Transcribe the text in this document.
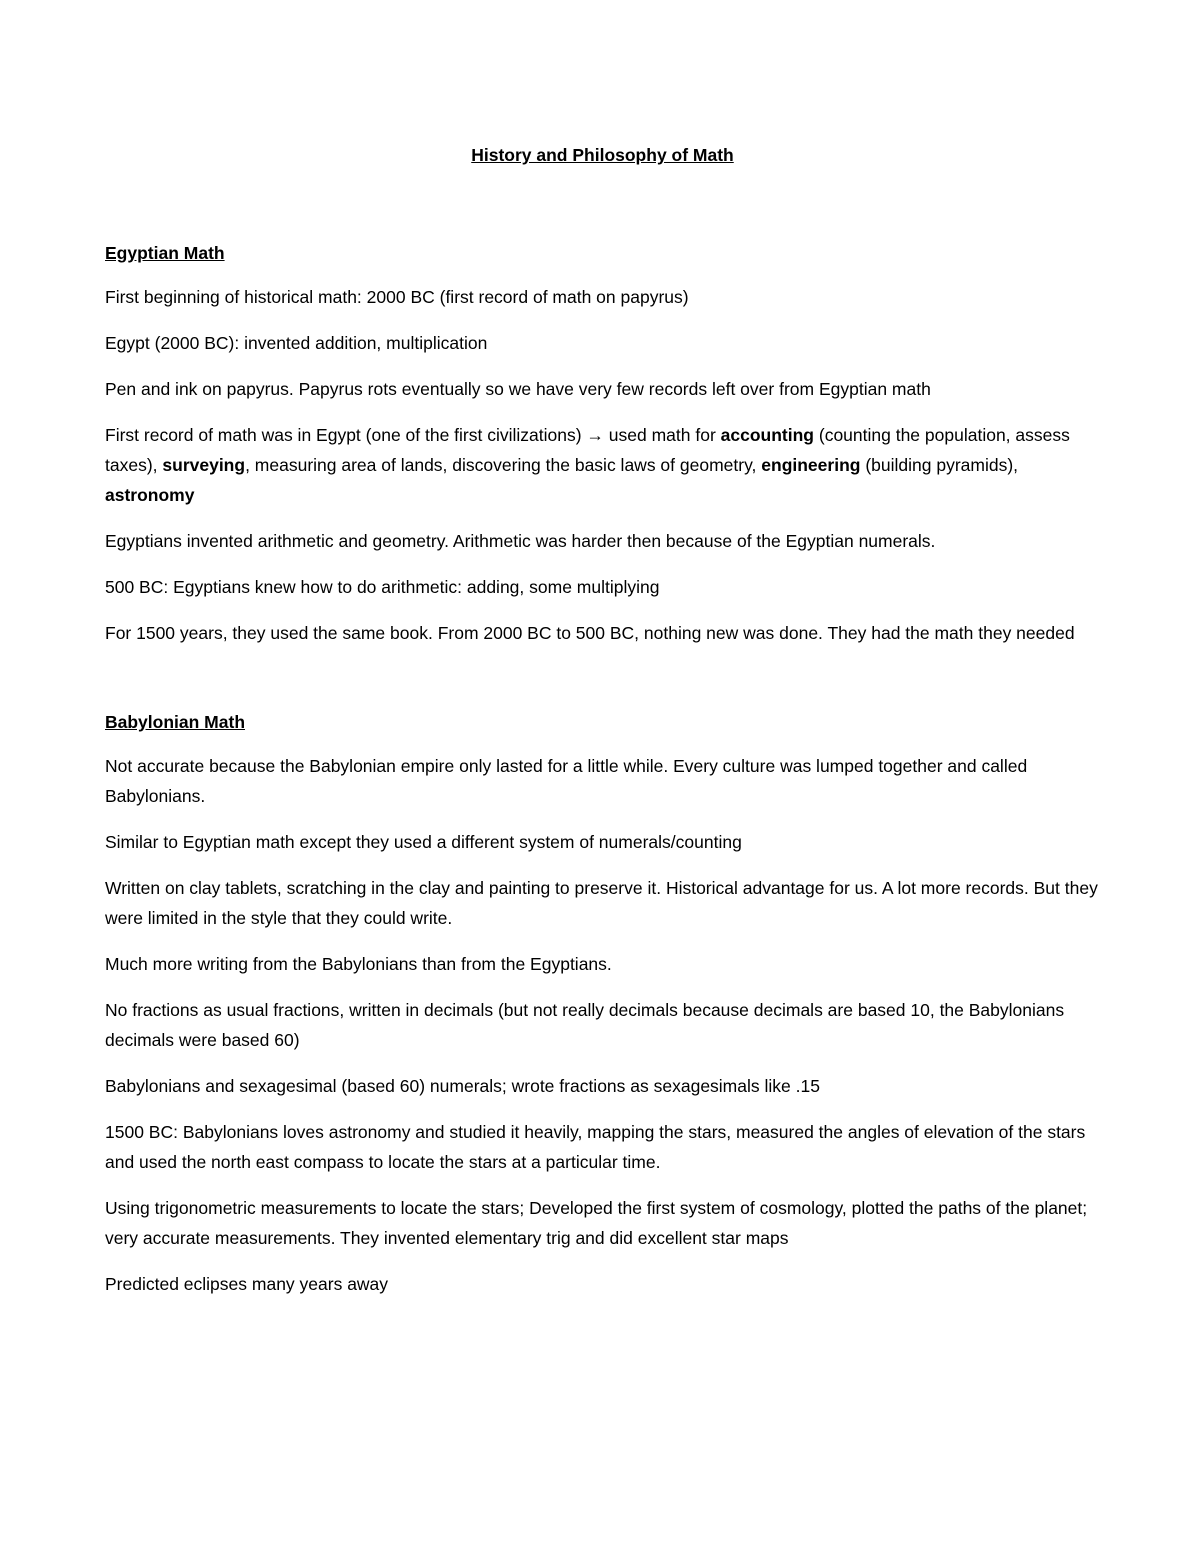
History and Philosophy of Math
Egyptian Math

First beginning of historical math: 2000 BC (first record of math on papyrus)

Egypt (2000 BC): invented addition, multiplication

Pen and ink on papyrus. Papyrus rots eventually so we have very few records left over from Egyptian math

First record of math was in Egypt (one of the first civilizations) → used math for accounting (counting the population, assess taxes), surveying, measuring area of lands, discovering the basic laws of geometry, engineering (building pyramids), astronomy

Egyptians invented arithmetic and geometry. Arithmetic was harder then because of the Egyptian numerals.

500 BC: Egyptians knew how to do arithmetic: adding, some multiplying

For 1500 years, they used the same book. From 2000 BC to 500 BC, nothing new was done. They had the math they needed

Babylonian Math

Not accurate because the Babylonian empire only lasted for a little while. Every culture was lumped together and called Babylonians.

Similar to Egyptian math except they used a different system of numerals/counting

Written on clay tablets, scratching in the clay and painting to preserve it. Historical advantage for us. A lot more records. But they were limited in the style that they could write.

Much more writing from the Babylonians than from the Egyptians.

No fractions as usual fractions, written in decimals (but not really decimals because decimals are based 10, the Babylonians decimals were based 60)

Babylonians and sexagesimal (based 60) numerals; wrote fractions as sexagesimals like .15

1500 BC: Babylonians loves astronomy and studied it heavily, mapping the stars, measured the angles of elevation of the stars and used the north east compass to locate the stars at a particular time.

Using trigonometric measurements to locate the stars; Developed the first system of cosmology, plotted the paths of the planet; very accurate measurements. They invented elementary trig and did excellent star maps

Predicted eclipses many years away
